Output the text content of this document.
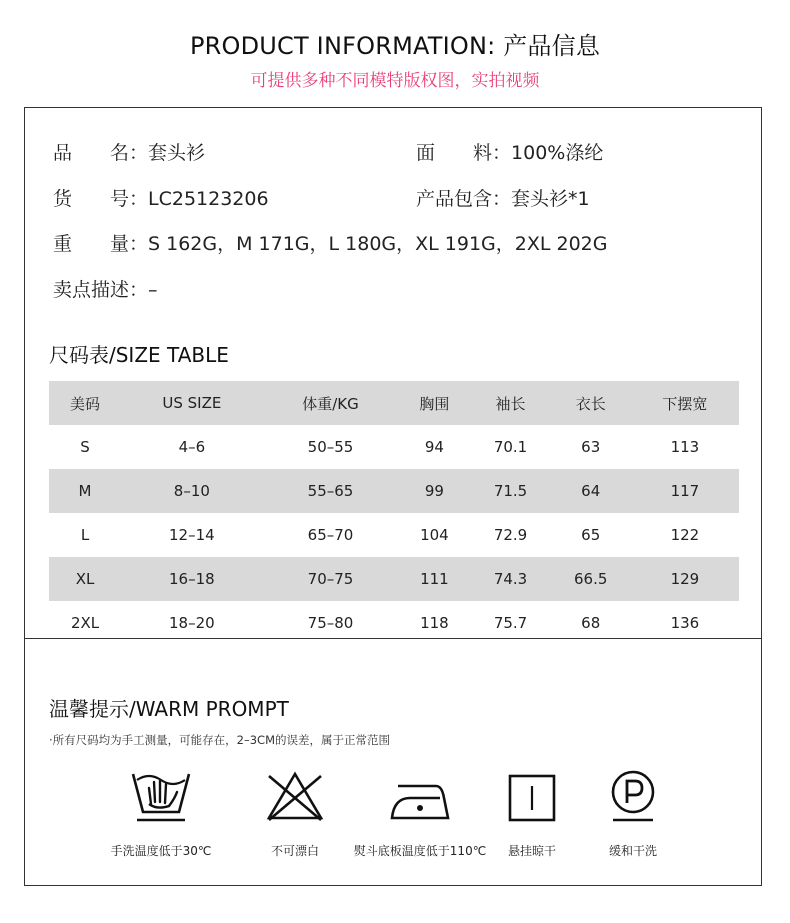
PRODUCT INFORMATION: 产品信息
可提供多种不同模特版权图，实拍视频
品　　名：套头衫	面　　料：100%涤纶
货　　号：LC25123206	产品包含：套头衫*1
重　　量：S 162G，M 171G，L 180G，XL 191G，2XL 202G
卖点描述：–
尺码表/SIZE TABLE
美码	US SIZE	体重/KG	胸围	袖长	衣长	下摆宽
S	4–6	50–55	94	70.1	63	113
M	8–10	55–65	99	71.5	64	117
L	12–14	65–70	104	72.9	65	122
XL	16–18	70–75	111	74.3	66.5	129
2XL	18–20	75–80	118	75.7	68	136
温馨提示/WARM PROMPT
·所有尺码均为手工测量，可能存在，2–3CM的误差，属于正常范围
手洗温度低于30℃	不可漂白	熨斗底板温度低于110℃	悬挂晾干	缓和干洗
